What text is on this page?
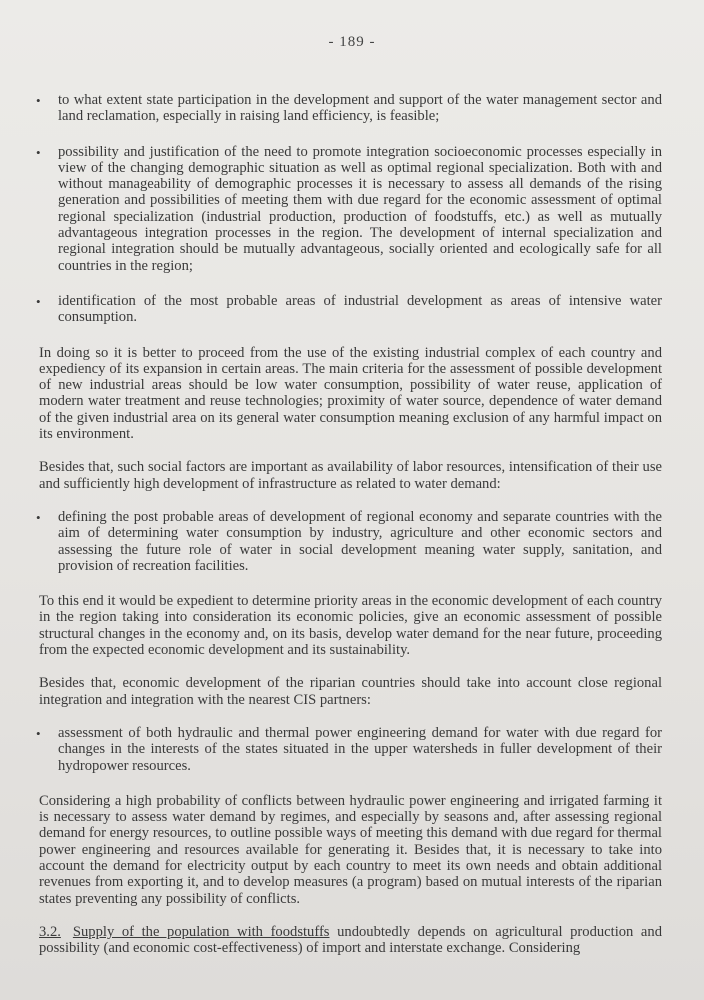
- 189 -
• to what extent state participation in the development and support of the water management sector and land reclamation, especially in raising land efficiency, is feasible;
• possibility and justification of the need to promote integration socioeconomic processes especially in view of the changing demographic situation as well as optimal regional specialization. Both with and without manageability of demographic processes it is necessary to assess all demands of the rising generation and possibilities of meeting them with due regard for the economic assessment of optimal regional specialization (industrial production, production of foodstuffs, etc.) as well as mutually advantageous integration processes in the region. The development of internal specialization and regional integration should be mutually advantageous, socially oriented and ecologically safe for all countries in the region;
• identification of the most probable areas of industrial development as areas of intensive water consumption.

In doing so it is better to proceed from the use of the existing industrial complex of each country and expediency of its expansion in certain areas. The main criteria for the assessment of possible development of new industrial areas should be low water consumption, possibility of water reuse, application of modern water treatment and reuse technologies; proximity of water source, dependence of water demand of the given industrial area on its general water consumption meaning exclusion of any harmful impact on its environment.

Besides that, such social factors are important as availability of labor resources, intensification of their use and sufficiently high development of infrastructure as related to water demand:

• defining the post probable areas of development of regional economy and separate countries with the aim of determining water consumption by industry, agriculture and other economic sectors and assessing the future role of water in social development meaning water supply, sanitation, and provision of recreation facilities.

To this end it would be expedient to determine priority areas in the economic development of each country in the region taking into consideration its economic policies, give an economic assessment of possible structural changes in the economy and, on its basis, develop water demand for the near future, proceeding from the expected economic development and its sustainability.

Besides that, economic development of the riparian countries should take into account close regional integration and integration with the nearest CIS partners:

• assessment of both hydraulic and thermal power engineering demand for water with due regard for changes in the interests of the states situated in the upper watersheds in fuller development of their hydropower resources.

Considering a high probability of conflicts between hydraulic power engineering and irrigated farming it is necessary to assess water demand by regimes, and especially by seasons and, after assessing regional demand for energy resources, to outline possible ways of meeting this demand with due regard for thermal power engineering and resources available for generating it. Besides that, it is necessary to take into account the demand for electricity output by each country to meet its own needs and obtain additional revenues from exporting it, and to develop measures (a program) based on mutual interests of the riparian states preventing any possibility of conflicts.

3.2. Supply of the population with foodstuffs undoubtedly depends on agricultural production and possibility (and economic cost-effectiveness) of import and interstate exchange. Considering
